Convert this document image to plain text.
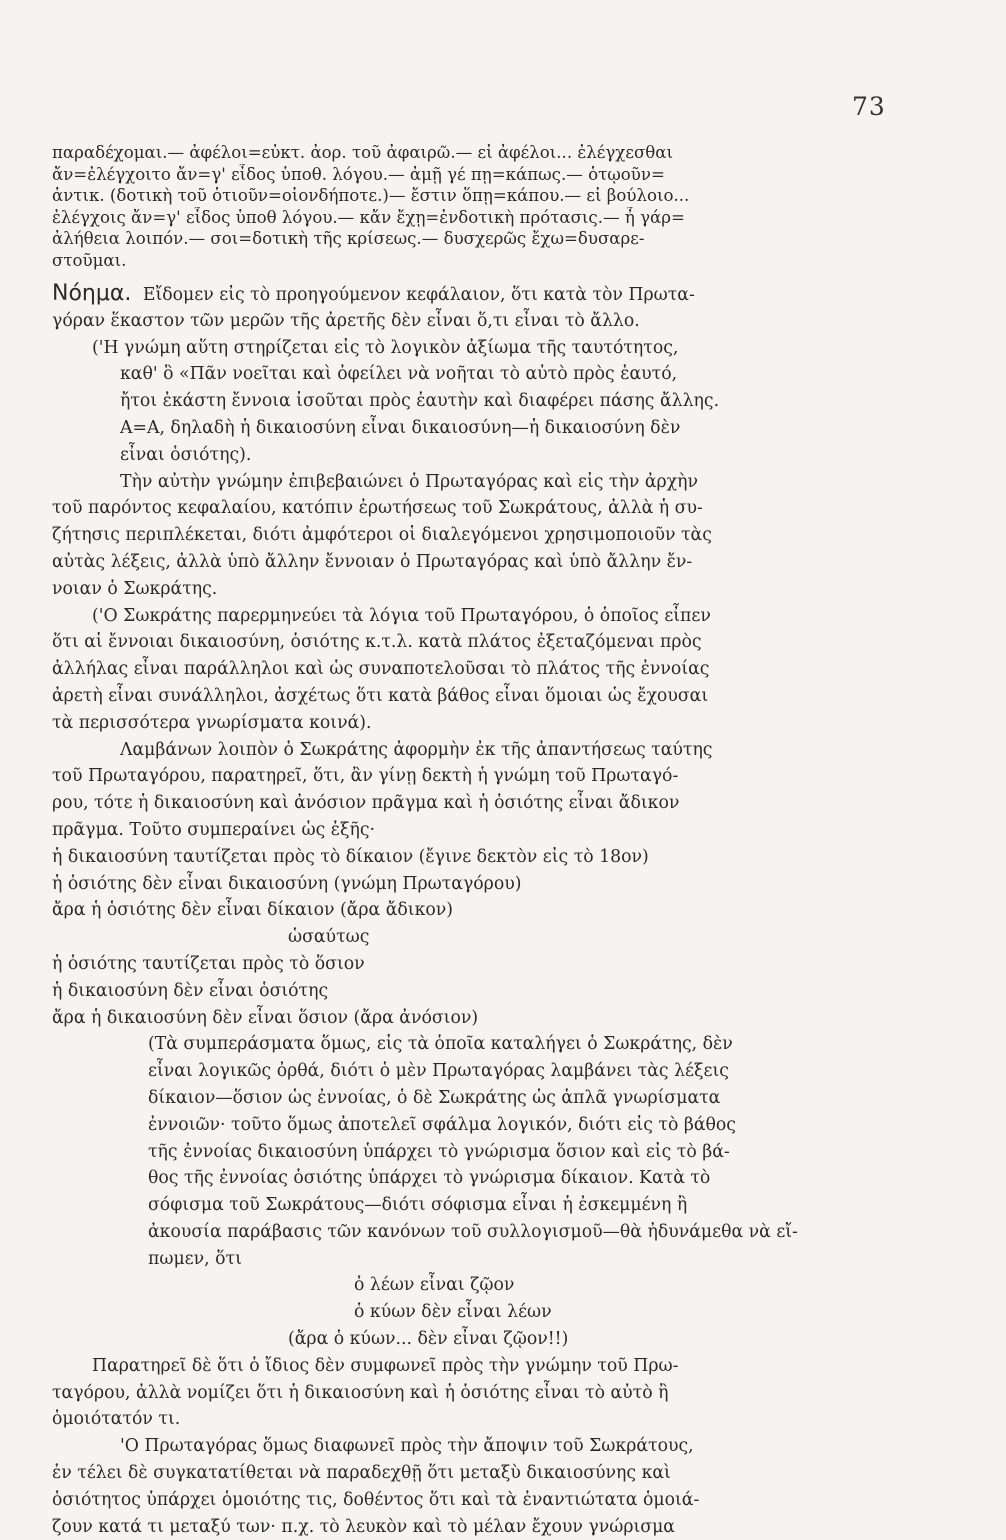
73
παραδέχομαι.— ἀφέλοι=εὐκτ. ἀορ. τοῦ ἀφαιρῶ.— εἰ ἀφέλοι... ἐλέγχεσθαι
ἄν=ἐλέγχοιτο ἄν=γ' εἶδος ὑποθ. λόγου.— ἀμῇ γέ πῃ=κάπως.— ὁτῳοῦν=
ἀντικ. (δοτικὴ τοῦ ὁτιοῦν=οἱονδήποτε.)— ἔστιν ὅπῃ=κάπου.— εἰ βούλοιο...
ἐλέγχοις ἄν=γ' εἶδος ὑποθ λόγου.— κἄν ἔχῃ=ἐνδοτικὴ πρότασις.— ἦ γάρ=
ἀλήθεια λοιπόν.— σοι=δοτικὴ τῆς κρίσεως.— δυσχερῶς ἔχω=δυσαρε-
στοῦμαι.
Νόημα. Εἴδομεν εἰς τὸ προηγούμενον κεφάλαιον, ὅτι κατὰ τὸν Πρωτα-
γόραν ἕκαστον τῶν μερῶν τῆς ἀρετῆς δὲν εἶναι ὅ,τι εἶναι τὸ ἄλλο.
('Η γνώμη αὕτη στηρίζεται εἰς τὸ λογικὸν ἀξίωμα τῆς ταυτότητος,
καθ' ὃ «Πᾶν νοεῖται καὶ ὀφείλει νὰ νοῆται τὸ αὐτὸ πρὸς ἑαυτό,
ἤτοι ἑκάστη ἔννοια ἰσοῦται πρὸς ἑαυτὴν καὶ διαφέρει πάσης ἄλλης.
Α=Α, δηλαδὴ ἡ δικαιοσύνη εἶναι δικαιοσύνη—ἡ δικαιοσύνη δὲν
εἶναι ὁσιότης).
Τὴν αὐτὴν γνώμην ἐπιβεβαιώνει ὁ Πρωταγόρας καὶ εἰς τὴν ἀρχὴν
τοῦ παρόντος κεφαλαίου, κατόπιν ἐρωτήσεως τοῦ Σωκράτους, ἀλλὰ ἡ συ-
ζήτησις περιπλέκεται, διότι ἀμφότεροι οἱ διαλεγόμενοι χρησιμοποιοῦν τὰς
αὐτὰς λέξεις, ἀλλὰ ὑπὸ ἄλλην ἔννοιαν ὁ Πρωταγόρας καὶ ὑπὸ ἄλλην ἔν-
νοιαν ὁ Σωκράτης.
('Ο Σωκράτης παρερμηνεύει τὰ λόγια τοῦ Πρωταγόρου, ὁ ὁποῖος εἶπεν
ὅτι αἱ ἔννοιαι δικαιοσύνη, ὁσιότης κ.τ.λ. κατὰ πλάτος ἐξεταζόμεναι πρὸς
ἀλλήλας εἶναι παράλληλοι καὶ ὡς συναποτελοῦσαι τὸ πλάτος τῆς ἐννοίας
ἀρετὴ εἶναι συνάλληλοι, ἀσχέτως ὅτι κατὰ βάθος εἶναι ὅμοιαι ὡς ἔχουσαι
τὰ περισσότερα γνωρίσματα κοινά).
Λαμβάνων λοιπὸν ὁ Σωκράτης ἀφορμὴν ἐκ τῆς ἀπαντήσεως ταύτης
τοῦ Πρωταγόρου, παρατηρεῖ, ὅτι, ἂν γίνῃ δεκτὴ ἡ γνώμη τοῦ Πρωταγό-
ρου, τότε ἡ δικαιοσύνη καὶ ἀνόσιον πρᾶγμα καὶ ἡ ὁσιότης εἶναι ἄδικον
πρᾶγμα. Τοῦτο συμπεραίνει ὡς ἑξῆς·
ἡ δικαιοσύνη ταυτίζεται πρὸς τὸ δίκαιον (ἔγινε δεκτὸν εἰς τὸ 18ον)
ἡ ὁσιότης δὲν εἶναι δικαιοσύνη (γνώμη Πρωταγόρου)
ἄρα ἡ ὁσιότης δὲν εἶναι δίκαιον (ἄρα ἄδικον)
ὡσαύτως
ἡ ὁσιότης ταυτίζεται πρὸς τὸ ὅσιον
ἡ δικαιοσύνη δὲν εἶναι ὁσιότης
ἄρα ἡ δικαιοσύνη δὲν εἶναι ὅσιον (ἄρα ἀνόσιον)
(Τὰ συμπεράσματα ὅμως, εἰς τὰ ὁποῖα καταλήγει ὁ Σωκράτης, δὲν
εἶναι λογικῶς ὀρθά, διότι ὁ μὲν Πρωταγόρας λαμβάνει τὰς λέξεις
δίκαιον—ὅσιον ὡς ἐννοίας, ὁ δὲ Σωκράτης ὡς ἁπλᾶ γνωρίσματα
ἐννοιῶν· τοῦτο ὅμως ἀποτελεῖ σφάλμα λογικόν, διότι εἰς τὸ βάθος
τῆς ἐννοίας δικαιοσύνη ὑπάρχει τὸ γνώρισμα ὅσιον καὶ εἰς τὸ βά-
θος τῆς ἐννοίας ὁσιότης ὑπάρχει τὸ γνώρισμα δίκαιον. Κατὰ τὸ
σόφισμα τοῦ Σωκράτους—διότι σόφισμα εἶναι ἡ ἐσκεμμένη ἢ
ἀκουσία παράβασις τῶν κανόνων τοῦ συλλογισμοῦ—θὰ ἠδυνάμεθα νὰ εἴ-
πωμεν, ὅτι
ὁ λέων εἶναι ζῷον
ὁ κύων δὲν εἶναι λέων
(ἄρα ὁ κύων... δὲν εἶναι ζῷον!!)
Παρατηρεῖ δὲ ὅτι ὁ ἴδιος δὲν συμφωνεῖ πρὸς τὴν γνώμην τοῦ Πρω-
ταγόρου, ἀλλὰ νομίζει ὅτι ἡ δικαιοσύνη καὶ ἡ ὁσιότης εἶναι τὸ αὐτὸ ἢ
ὁμοιότατόν τι.
'Ο Πρωταγόρας ὅμως διαφωνεῖ πρὸς τὴν ἄποψιν τοῦ Σωκράτους,
ἐν τέλει δὲ συγκατατίθεται νὰ παραδεχθῇ ὅτι μεταξὺ δικαιοσύνης καὶ
ὁσιότητος ὑπάρχει ὁμοιότης τις, δοθέντος ὅτι καὶ τὰ ἐναντιώτατα ὁμοιά-
ζουν κατά τι μεταξύ των· π.χ. τὸ λευκὸν καὶ τὸ μέλαν ἔχουν γνώρισμα
